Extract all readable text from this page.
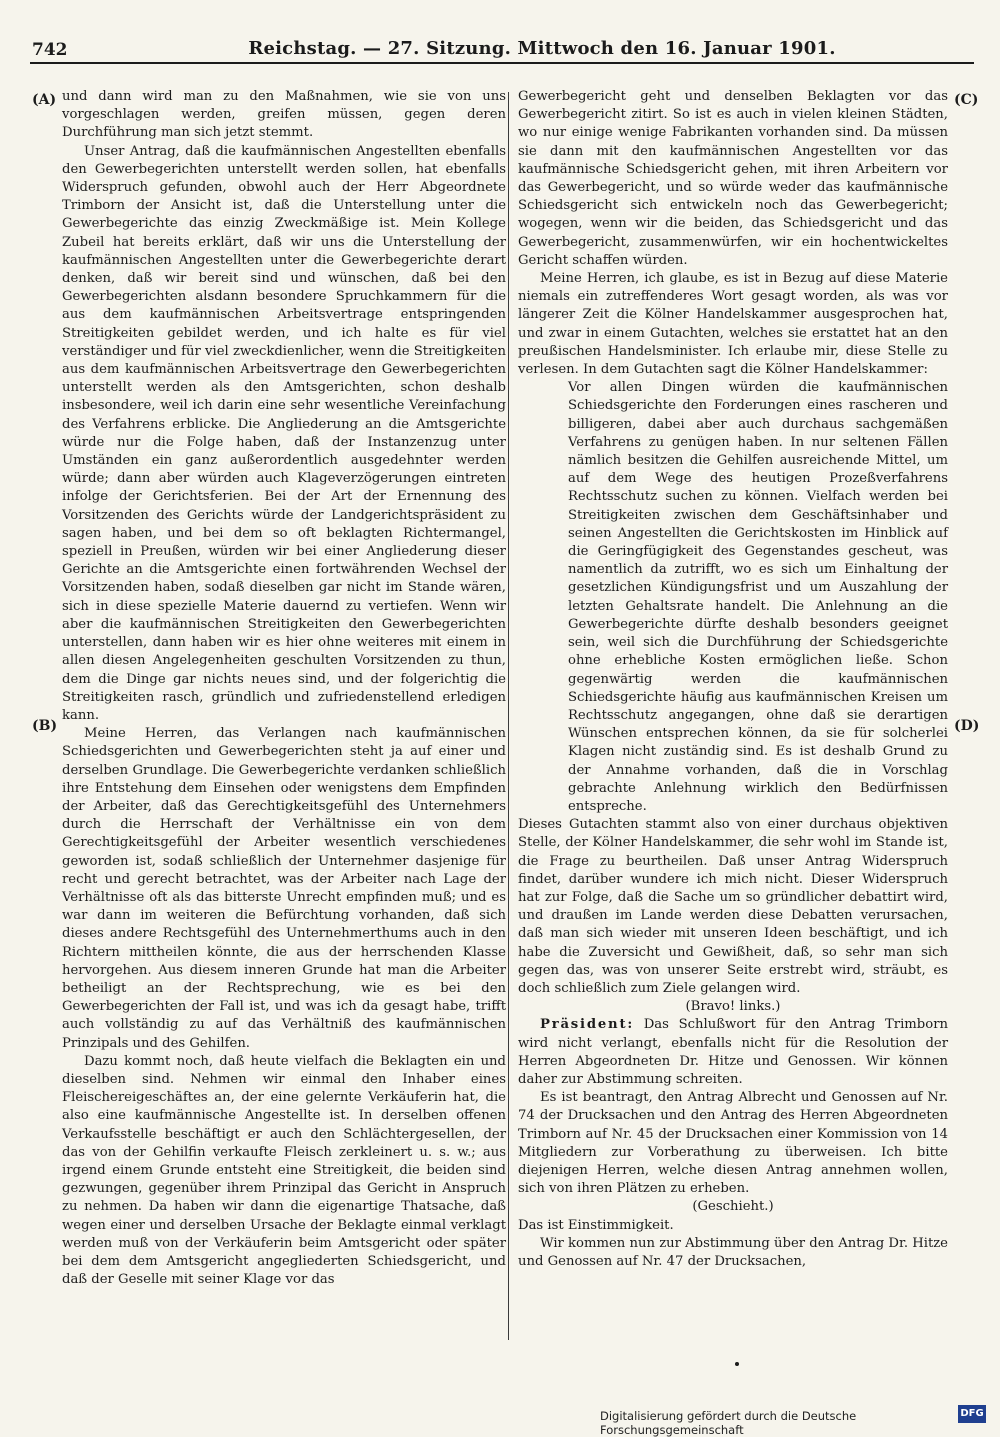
742	Reichstag. — 27. Sitzung. Mittwoch den 16. Januar 1901.
(A)
(B)
(C)
(D)

und dann wird man zu den Maßnahmen, wie sie von uns vorgeschlagen werden, greifen müssen, gegen deren Durchführung man sich jetzt stemmt.

Unser Antrag, daß die kaufmännischen Angestellten ebenfalls den Gewerbegerichten unterstellt werden sollen, hat ebenfalls Widerspruch gefunden, obwohl auch der Herr Abgeordnete Trimborn der Ansicht ist, daß die Unterstellung unter die Gewerbegerichte das einzig Zweckmäßige ist. Mein Kollege Zubeil hat bereits erklärt, daß wir uns die Unterstellung der kaufmännischen Angestellten unter die Gewerbegerichte derart denken, daß wir bereit sind und wünschen, daß bei den Gewerbegerichten alsdann besondere Spruchkammern für die aus dem kaufmännischen Arbeitsvertrage entspringenden Streitigkeiten gebildet werden, und ich halte es für viel verständiger und für viel zweckdienlicher, wenn die Streitigkeiten aus dem kaufmännischen Arbeitsvertrage den Gewerbegerichten unterstellt werden als den Amtsgerichten, schon deshalb insbesondere, weil ich darin eine sehr wesentliche Vereinfachung des Verfahrens erblicke. Die Angliederung an die Amtsgerichte würde nur die Folge haben, daß der Instanzenzug unter Umständen ein ganz außerordentlich ausgedehnter werden würde; dann aber würden auch Klageverzögerungen eintreten infolge der Gerichtsferien. Bei der Art der Ernennung des Vorsitzenden des Gerichts würde der Landgerichtspräsident zu sagen haben, und bei dem so oft beklagten Richtermangel, speziell in Preußen, würden wir bei einer Angliederung dieser Gerichte an die Amtsgerichte einen fortwährenden Wechsel der Vorsitzenden haben, sodaß dieselben gar nicht im Stande wären, sich in diese spezielle Materie dauernd zu vertiefen. Wenn wir aber die kaufmännischen Streitigkeiten den Gewerbegerichten unterstellen, dann haben wir es hier ohne weiteres mit einem in allen diesen Angelegenheiten geschulten Vorsitzenden zu thun, dem die Dinge gar nichts neues sind, und der folgerichtig die Streitigkeiten rasch, gründlich und zufriedenstellend erledigen kann.

Meine Herren, das Verlangen nach kaufmännischen Schiedsgerichten und Gewerbegerichten steht ja auf einer und derselben Grundlage. Die Gewerbegerichte verdanken schließlich ihre Entstehung dem Einsehen oder wenigstens dem Empfinden der Arbeiter, daß das Gerechtigkeitsgefühl des Unternehmers durch die Herrschaft der Verhältnisse ein von dem Gerechtigkeitsgefühl der Arbeiter wesentlich verschiedenes geworden ist, sodaß schließlich der Unternehmer dasjenige für recht und gerecht betrachtet, was der Arbeiter nach Lage der Verhältnisse oft als das bitterste Unrecht empfinden muß; und es war dann im weiteren die Befürchtung vorhanden, daß sich dieses andere Rechtsgefühl des Unternehmerthums auch in den Richtern mittheilen könnte, die aus der herrschenden Klasse hervorgehen. Aus diesem inneren Grunde hat man die Arbeiter betheiligt an der Rechtsprechung, wie es bei den Gewerbegerichten der Fall ist, und was ich da gesagt habe, trifft auch vollständig zu auf das Verhältniß des kaufmännischen Prinzipals und des Gehilfen.

Dazu kommt noch, daß heute vielfach die Beklagten ein und dieselben sind. Nehmen wir einmal den Inhaber eines Fleischereigeschäftes an, der eine gelernte Verkäuferin hat, die also eine kaufmännische Angestellte ist. In derselben offenen Verkaufsstelle beschäftigt er auch den Schlächtergesellen, der das von der Gehilfin verkaufte Fleisch zerkleinert u. s. w.; aus irgend einem Grunde entsteht eine Streitigkeit, die beiden sind gezwungen, gegenüber ihrem Prinzipal das Gericht in Anspruch zu nehmen. Da haben wir dann die eigenartige Thatsache, daß wegen einer und derselben Ursache der Beklagte einmal verklagt werden muß von der Verkäuferin beim Amtsgericht oder später bei dem dem Amtsgericht angegliederten Schiedsgericht, und daß der Geselle mit seiner Klage vor das

Gewerbegericht geht und denselben Beklagten vor das Gewerbegericht zitirt. So ist es auch in vielen kleinen Städten, wo nur einige wenige Fabrikanten vorhanden sind. Da müssen sie dann mit den kaufmännischen Angestellten vor das kaufmännische Schiedsgericht gehen, mit ihren Arbeitern vor das Gewerbegericht, und so würde weder das kaufmännische Schiedsgericht sich entwickeln noch das Gewerbegericht; wogegen, wenn wir die beiden, das Schiedsgericht und das Gewerbegericht, zusammenwürfen, wir ein hochentwickeltes Gericht schaffen würden.

Meine Herren, ich glaube, es ist in Bezug auf diese Materie niemals ein zutreffenderes Wort gesagt worden, als was vor längerer Zeit die Kölner Handelskammer ausgesprochen hat, und zwar in einem Gutachten, welches sie erstattet hat an den preußischen Handelsminister. Ich erlaube mir, diese Stelle zu verlesen. In dem Gutachten sagt die Kölner Handelskammer:

Vor allen Dingen würden die kaufmännischen Schiedsgerichte den Forderungen eines rascheren und billigeren, dabei aber auch durchaus sachgemäßen Verfahrens zu genügen haben. In nur seltenen Fällen nämlich besitzen die Gehilfen ausreichende Mittel, um auf dem Wege des heutigen Prozeßverfahrens Rechtsschutz suchen zu können. Vielfach werden bei Streitigkeiten zwischen dem Geschäftsinhaber und seinen Angestellten die Gerichtskosten im Hinblick auf die Geringfügigkeit des Gegenstandes gescheut, was namentlich da zutrifft, wo es sich um Einhaltung der gesetzlichen Kündigungsfrist und um Auszahlung der letzten Gehaltsrate handelt. Die Anlehnung an die Gewerbegerichte dürfte deshalb besonders geeignet sein, weil sich die Durchführung der Schiedsgerichte ohne erhebliche Kosten ermöglichen ließe. Schon gegenwärtig werden die kaufmännischen Schiedsgerichte häufig aus kaufmännischen Kreisen um Rechtsschutz angegangen, ohne daß sie derartigen Wünschen entsprechen können, da sie für solcherlei Klagen nicht zuständig sind. Es ist deshalb Grund zu der Annahme vorhanden, daß die in Vorschlag gebrachte Anlehnung wirklich den Bedürfnissen entspreche.

Dieses Gutachten stammt also von einer durchaus objektiven Stelle, der Kölner Handelskammer, die sehr wohl im Stande ist, die Frage zu beurtheilen. Daß unser Antrag Widerspruch findet, darüber wundere ich mich nicht. Dieser Widerspruch hat zur Folge, daß die Sache um so gründlicher debattirt wird, und draußen im Lande werden diese Debatten verursachen, daß man sich wieder mit unseren Ideen beschäftigt, und ich habe die Zuversicht und Gewißheit, daß, so sehr man sich gegen das, was von unserer Seite erstrebt wird, sträubt, es doch schließlich zum Ziele gelangen wird.

(Bravo! links.)

Präsident: Das Schlußwort für den Antrag Trimborn wird nicht verlangt, ebenfalls nicht für die Resolution der Herren Abgeordneten Dr. Hitze und Genossen. Wir können daher zur Abstimmung schreiten.

Es ist beantragt, den Antrag Albrecht und Genossen auf Nr. 74 der Drucksachen und den Antrag des Herren Abgeordneten Trimborn auf Nr. 45 der Drucksachen einer Kommission von 14 Mitgliedern zur Vorberathung zu überweisen. Ich bitte diejenigen Herren, welche diesen Antrag annehmen wollen, sich von ihren Plätzen zu erheben.

(Geschieht.)

Das ist Einstimmigkeit.

Wir kommen nun zur Abstimmung über den Antrag Dr. Hitze und Genossen auf Nr. 47 der Drucksachen,

Digitalisierung gefördert durch die Deutsche Forschungsgemeinschaft
DFG
